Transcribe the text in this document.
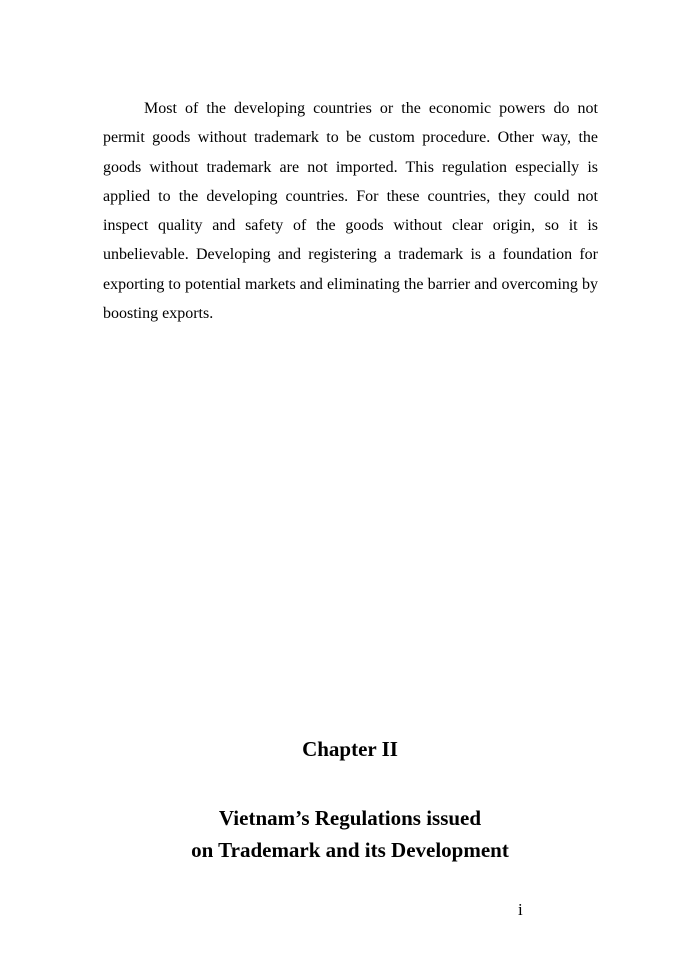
Most of the developing countries or the economic powers do not permit goods without trademark to be custom procedure. Other way, the goods without trademark are not imported. This regulation especially is applied to the developing countries. For these countries, they could not inspect quality and safety of the goods without clear origin, so it is unbelievable. Developing and registering a trademark is a foundation for exporting to potential markets and eliminating the barrier and overcoming by boosting exports.

Chapter II
Vietnam’s Regulations issued
on Trademark and its Development

i
